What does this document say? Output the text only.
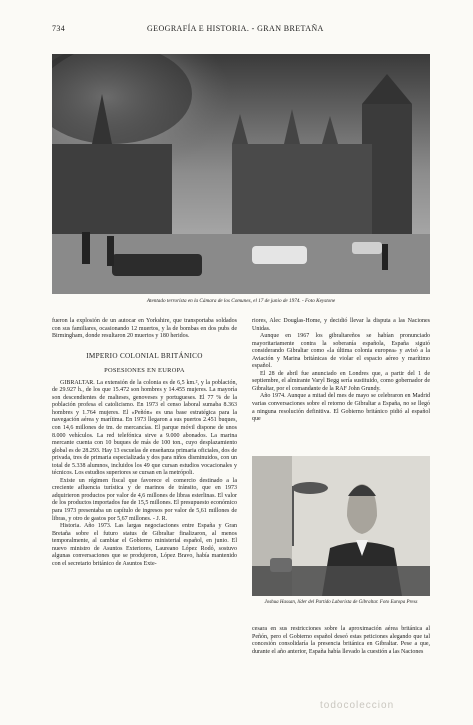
734	GEOGRAFÍA E HISTORIA. - GRAN BRETAÑA
Atentado terrorista en la Cámara de los Comunes, el 17 de junio de 1974. - Foto Keystone

fueron la explosión de un autocar en Yorkshire, que transportaba soldados con sus familiares, ocasionando 12 muertos, y la de bombas en dos pubs de Birmingham, donde resultaron 20 muertos y 180 heridos.

IMPERIO COLONIAL BRITÁNICO
POSESIONES EN EUROPA

GIBRALTAR. La extensión de la colonia es de 6,5 km.², y la población, de 29.927 h., de los que 15.472 son hombres y 14.455 mujeres. La mayoría son descendientes de malteses, genoveses y portugueses. El 77 % de la población profesa el catolicismo. En 1973 el censo laboral sumaba 8.363 hombres y 1.764 mujeres. El «Peñón» es una base estratégica para la navegación aérea y marítima. En 1973 llegaron a sus puertos 2.451 buques, con 14,6 millones de tm. de mercancías. El parque móvil dispone de unos 8.000 vehículos. La red telefónica sirve a 9.000 abonados. La marina mercante cuenta con 10 buques de más de 100 ton., cuyo desplazamiento global es de 28.293. Hay 13 escuelas de enseñanza primaria oficiales, dos de privada, tres de primaria especializada y dos para niños disminuidos, con un total de 5.338 alumnos, incluidos los 49 que cursan estudios vocacionales y técnicos. Los estudios superiores se cursan en la metrópoli.

Existe un régimen fiscal que favorece el comercio destinado a la creciente afluencia turística y de marinos de tránsito, que en 1973 adquirieron productos por valor de 4,6 millones de libras esterlinas. El valor de los productos importados fue de 15,5 millones. El presupuesto económico para 1973 presentaba un capítulo de ingresos por valor de 5,61 millones de libras, y otro de gastos por 5,67 millones. - J. R.

Historia. Año 1973. Las largas negociaciones entre España y Gran Bretaña sobre el futuro status de Gibraltar finalizaron, al menos temporalmente, al cambiar el Gobierno ministerial español, en junio. El nuevo ministro de Asuntos Exteriores, Laureano López Rodó, sostuvo algunas conversaciones que se produjeron, López Bravo, había mantenido con el secretario británico de Asuntos Exte-

riores, Alec Douglas-Home, y decidió llevar la disputa a las Naciones Unidas.

Aunque en 1967 los gibraltareños se habían pronunciado mayoritariamente contra la soberanía española, España siguió considerando Gibraltar como «la última colonia europea» y avisó a la Aviación y Marina británicas de violar el espacio aéreo y marítimo español.

El 28 de abril fue anunciado en Londres que, a partir del 1 de septiembre, el almirante Varyl Begg sería sustituido, como gobernador de Gibraltar, por el comandante de la RAF John Grundy.

Año 1974. Aunque a mitad del mes de mayo se celebraron en Madrid varias conversaciones sobre el retorno de Gibraltar a España, no se llegó a ninguna resolución definitiva. El Gobierno británico pidió al español que

Joshua Hassan, líder del Partido Laborista de Gibraltar. Foto Europa Press

cesara en sus restricciones sobre la aproximación aérea británica al Peñón, pero el Gobierno español deseó estas peticiones alegando que tal concesión consolidaría la presencia británica en Gibraltar. Pese a que, durante el año anterior, España había llevado la cuestión a las Naciones

todocoleccion
